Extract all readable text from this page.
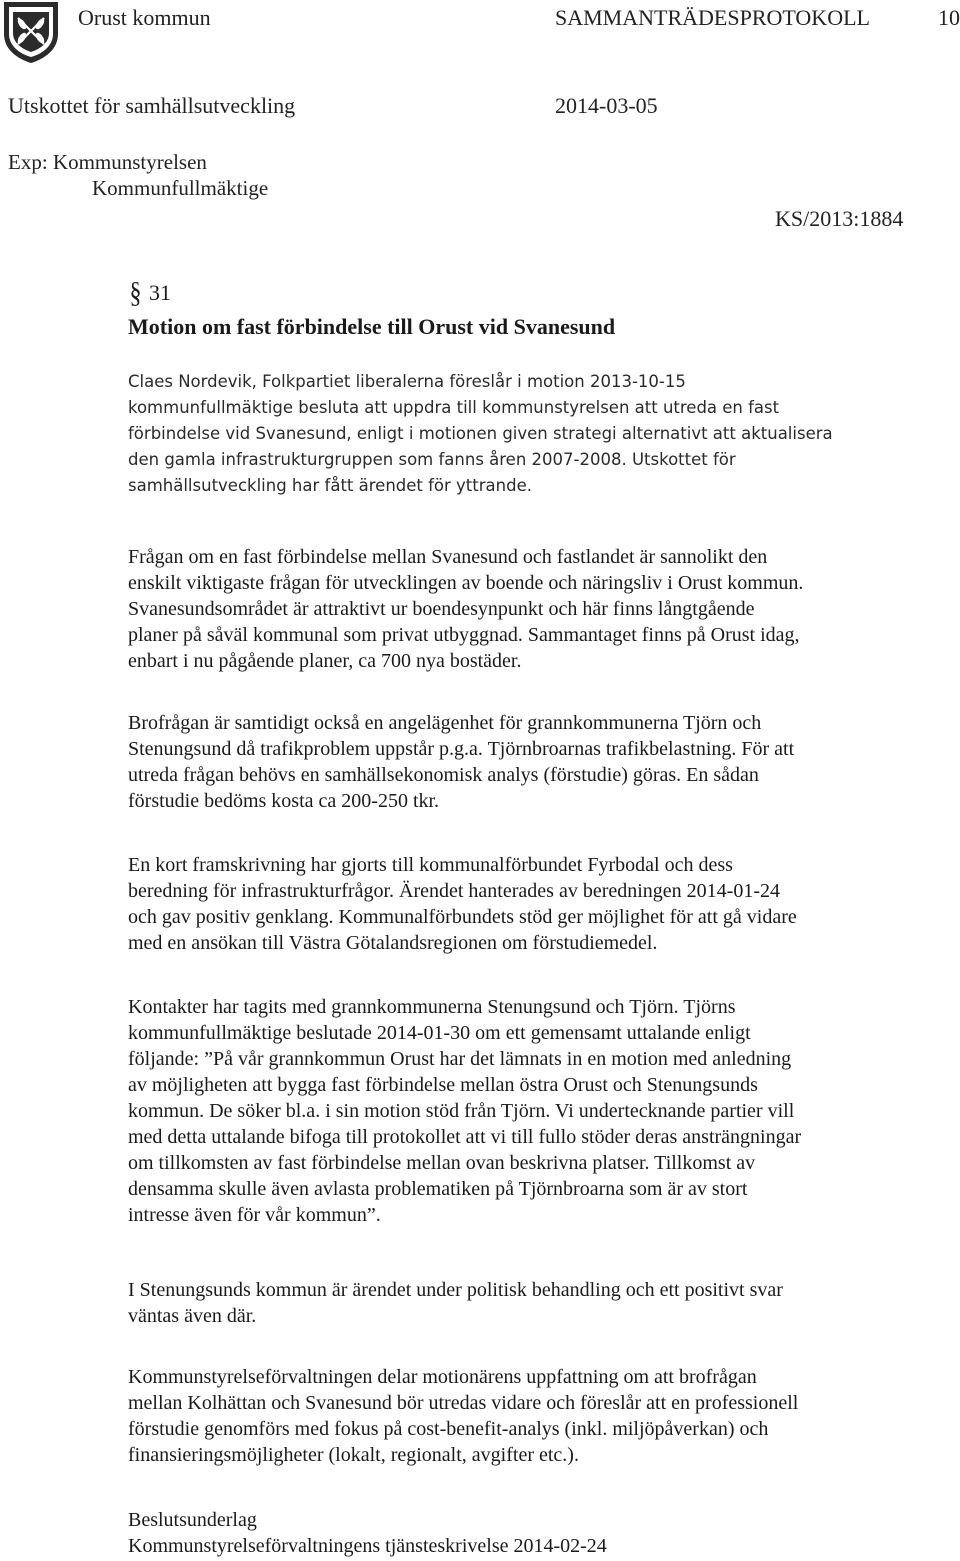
Orust kommun	SAMMANTRÄDESPROTOKOLL	10
Utskottet för samhällsutveckling	2014-03-05
Exp: Kommunstyrelsen
Kommunfullmäktige
KS/2013:1884
§ 31
Motion om fast förbindelse till Orust vid Svanesund
Claes Nordevik, Folkpartiet liberalerna föreslår i motion 2013-10-15
kommunfullmäktige besluta att uppdra till kommunstyrelsen att utreda en fast
förbindelse vid Svanesund, enligt i motionen given strategi alternativt att aktualisera
den gamla infrastrukturgruppen som fanns åren 2007-2008. Utskottet för
samhällsutveckling har fått ärendet för yttrande.
Frågan om en fast förbindelse mellan Svanesund och fastlandet är sannolikt den
enskilt viktigaste frågan för utvecklingen av boende och näringsliv i Orust kommun.
Svanesundsområdet är attraktivt ur boendesynpunkt och här finns långtgående
planer på såväl kommunal som privat utbyggnad. Sammantaget finns på Orust idag,
enbart i nu pågående planer, ca 700 nya bostäder.
Brofrågan är samtidigt också en angelägenhet för grannkommunerna Tjörn och
Stenungsund då trafikproblem uppstår p.g.a. Tjörnbroarnas trafikbelastning. För att
utreda frågan behövs en samhällsekonomisk analys (förstudie) göras. En sådan
förstudie bedöms kosta ca 200-250 tkr.
En kort framskrivning har gjorts till kommunalförbundet Fyrbodal och dess
beredning för infrastrukturfrågor. Ärendet hanterades av beredningen 2014-01-24
och gav positiv genklang. Kommunalförbundets stöd ger möjlighet för att gå vidare
med en ansökan till Västra Götalandsregionen om förstudiemedel.
Kontakter har tagits med grannkommunerna Stenungsund och Tjörn. Tjörns
kommunfullmäktige beslutade 2014-01-30 om ett gemensamt uttalande enligt
följande: ”På vår grannkommun Orust har det lämnats in en motion med anledning
av möjligheten att bygga fast förbindelse mellan östra Orust och Stenungsunds
kommun. De söker bl.a. i sin motion stöd från Tjörn. Vi undertecknande partier vill
med detta uttalande bifoga till protokollet att vi till fullo stöder deras ansträngningar
om tillkomsten av fast förbindelse mellan ovan beskrivna platser. Tillkomst av
densamma skulle även avlasta problematiken på Tjörnbroarna som är av stort
intresse även för vår kommun”.
I Stenungsunds kommun är ärendet under politisk behandling och ett positivt svar
väntas även där.
Kommunstyrelseförvaltningen delar motionärens uppfattning om att brofrågan
mellan Kolhättan och Svanesund bör utredas vidare och föreslår att en professionell
förstudie genomförs med fokus på cost-benefit-analys (inkl. miljöpåverkan) och
finansieringsmöjligheter (lokalt, regionalt, avgifter etc.).
Beslutsunderlag
Kommunstyrelseförvaltningens tjänsteskrivelse 2014-02-24
